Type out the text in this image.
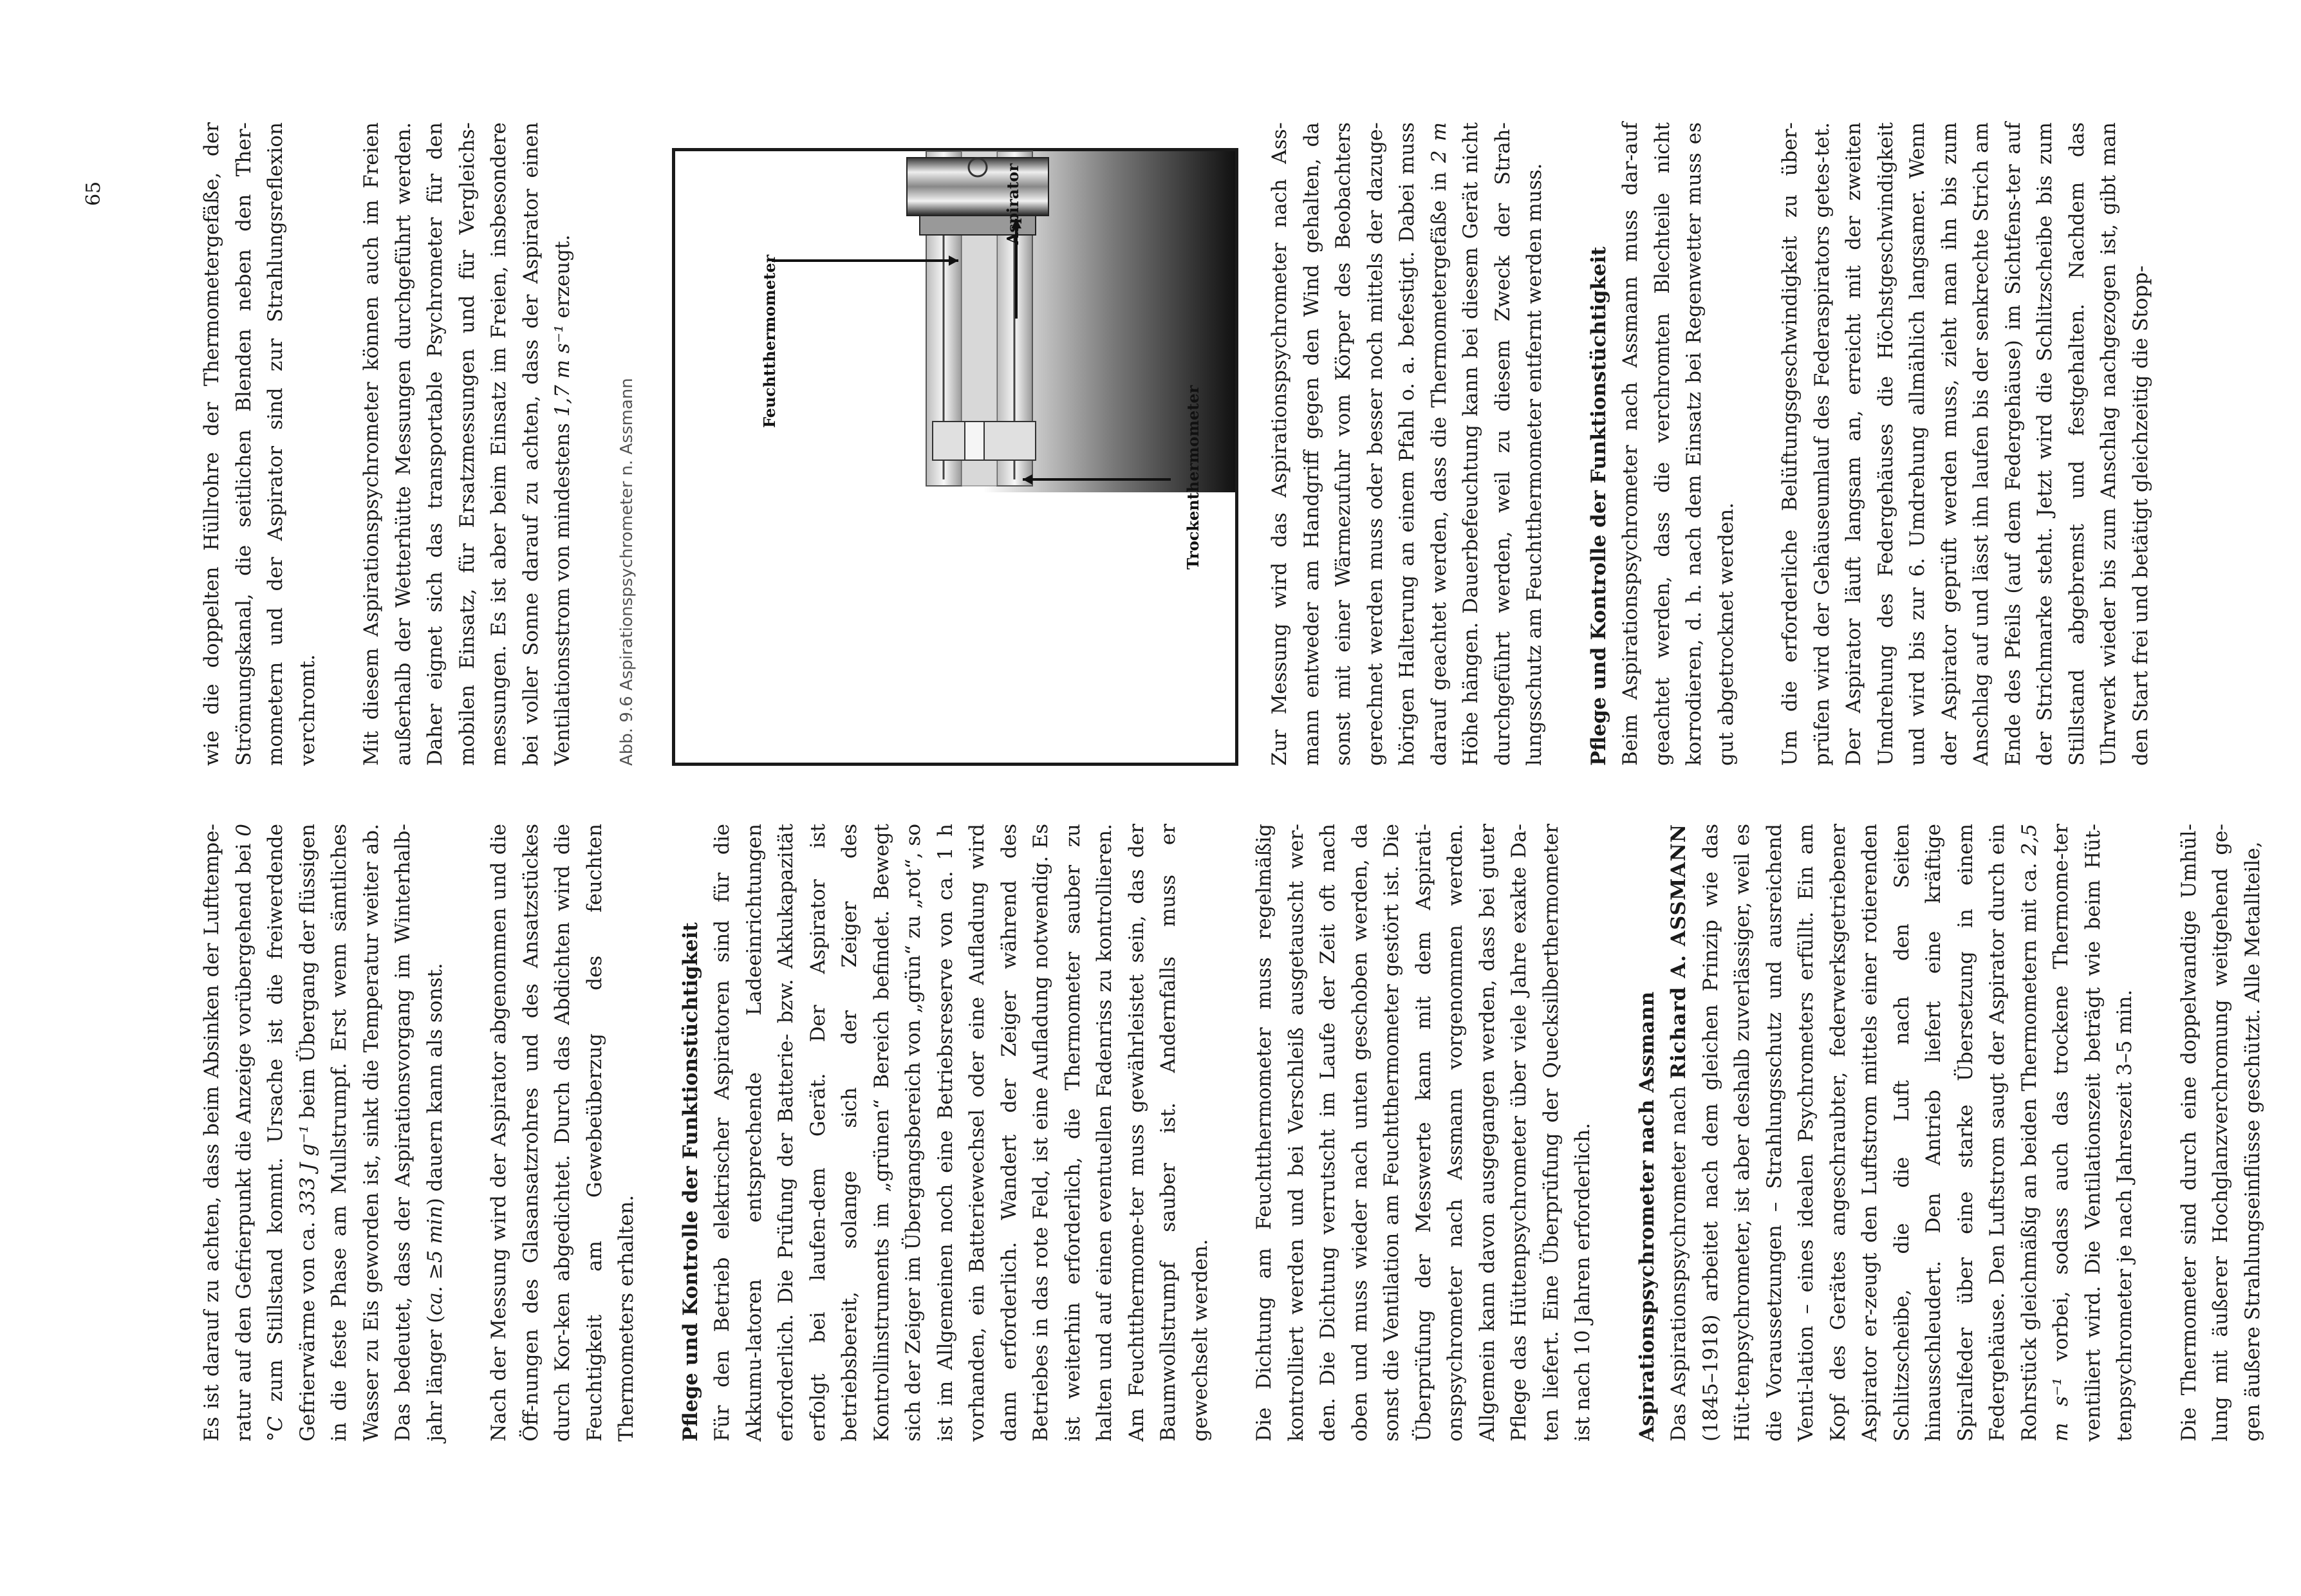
65

Es ist darauf zu achten, dass beim Absinken der Lufttempe-ratur auf den Gefrierpunkt die Anzeige vorübergehend bei 0 °C zum Stillstand kommt. Ursache ist die freiwerdende Gefrierwärme von ca. 333 J g⁻¹ beim Übergang der flüssigen in die feste Phase am Mullstrumpf. Erst wenn sämtliches Wasser zu Eis geworden ist, sinkt die Temperatur weiter ab. Das bedeutet, dass der Aspirationsvorgang im Winterhalb-jahr länger (ca. ≥5 min) dauern kann als sonst. Nach der Messung wird der Aspirator abgenommen und die Öff-nungen des Glasansatzrohres und des Ansatzstückes durch Kor-ken abgedichtet. Durch das Abdichten wird die Feuchtigkeit am Gewebeüberzug des feuchten Thermometers erhalten. Pflege und Kontrolle der Funktionstüchtigkeit Für den Betrieb elektrischer Aspiratoren sind für die Akkumu-latoren entsprechende Ladeeinrichtungen erforderlich. Die Prüfung der Batterie- bzw. Akkukapazität erfolgt bei laufen-dem Gerät. Der Aspirator ist betriebsbereit, solange sich der Zeiger des Kontrollinstruments im „grünen“ Bereich befindet. Bewegt sich der Zeiger im Übergangsbereich von „grün“ zu „rot“, so ist im Allgemeinen noch eine Betriebsreserve von ca. 1 h vorhanden, ein Batteriewechsel oder eine Aufladung wird dann erforderlich. Wandert der Zeiger während des Betriebes in das rote Feld, ist eine Aufladung notwendig. Es ist weiterhin erforderlich, die Thermometer sauber zu halten und auf einen eventuellen Fadenriss zu kontrollieren. Am Feuchtthermome-ter muss gewährleistet sein, das der Baumwollstrumpf sauber ist. Andernfalls muss er gewechselt werden. Die Dichtung am Feuchtthermometer muss regelmäßig kontrolliert werden und bei Verschleiß ausgetauscht wer-den. Die Dichtung verrutscht im Laufe der Zeit oft nach oben und muss wieder nach unten geschoben werden, da sonst die Ventilation am Feuchtthermometer gestört ist. Die Überprüfung der Messwerte kann mit dem Aspirati-onspsychrometer nach Assmann vorgenommen werden. Allgemein kann davon ausgegangen werden, dass bei guter Pflege das Hüttenpsychrometer über viele Jahre exakte Da-ten liefert. Eine Überprüfung der Quecksilberthermometer ist nach 10 Jahren erforderlich. Aspirationspsychrometer nach Assmann Das Aspirationspsychrometer nach Richard A. ASSMANN (1845–1918) arbeitet nach dem gleichen Prinzip wie das Hüt-tenpsychrometer, ist aber deshalb zuverlässiger, weil es die Voraussetzungen – Strahlungsschutz und ausreichend Venti-lation – eines idealen Psychrometers erfüllt. Ein am Kopf des Gerätes angeschraubter, federwerksgetriebener Aspirator er-zeugt den Luftstrom mittels einer rotierenden Schlitzscheibe, die die Luft nach den Seiten hinausschleudert. Den Antrieb liefert eine kräftige Spiralfeder über eine starke Übersetzung in einem Federgehäuse. Den Luftstrom saugt der Aspirator durch ein Rohrstück gleichmäßig an beiden Thermometern mit ca. 2,5 m s⁻¹ vorbei, sodass auch das trockene Thermome-ter ventiliert wird. Die Ventilationszeit beträgt wie beim Hüt-tenpsychrometer je nach Jahreszeit 3–5 min. Die Thermometer sind durch eine doppelwandige Umhül-lung mit äußerer Hochglanzverchromung weitgehend ge-gen äußere Strahlungseinflüsse geschützt. Alle Metallteile,

wie die doppelten Hüllrohre der Thermometergefäße, der Strömungskanal, die seitlichen Blenden neben den Ther-mometern und der Aspirator sind zur Strahlungsreflexion verchromt. Mit diesem Aspirationspsychrometer können auch im Freien außerhalb der Wetterhütte Messungen durchgeführt werden. Daher eignet sich das transportable Psychrometer für den mobilen Einsatz, für Ersatzmessungen und für Vergleichs-messungen. Es ist aber beim Einsatz im Freien, insbesondere bei voller Sonne darauf zu achten, dass der Aspirator einen Ventilationsstrom von mindestens 1,7 m s⁻¹ erzeugt.

Abb. 9.6 Aspirationspsychrometer n. Assmann
Feuchtthermometer
Aspirator
Trockenthermometer	Zur Messung wird das Aspirationspsychrometer nach Ass-mann entweder am Handgriff gegen den Wind gehalten, da sonst mit einer Wärmezufuhr vom Körper des Beobachters gerechnet werden muss oder besser noch mittels der dazuge-hörigen Halterung an einem Pfahl o. a. befestigt. Dabei muss darauf geachtet werden, dass die Thermometergefäße in 2 m Höhe hängen. Dauerbefeuchtung kann bei diesem Gerät nicht durchgeführt werden, weil zu diesem Zweck der Strah-lungsschutz am Feuchtthermometer entfernt werden muss. Pflege und Kontrolle der Funktionstüchtigkeit Beim Aspirationspsychrometer nach Assmann muss dar-auf geachtet werden, dass die verchromten Blechteile nicht korrodieren, d. h. nach dem Einsatz bei Regenwetter muss es gut abgetrocknet werden. Um die erforderliche Belüftungsgeschwindigkeit zu über-prüfen wird der Gehäuseumlauf des Federaspirators getes-tet. Der Aspirator läuft langsam an, erreicht mit der zweiten Umdrehung des Federgehäuses die Höchstgeschwindigkeit und wird bis zur 6. Umdrehung allmählich langsamer. Wenn der Aspirator geprüft werden muss, zieht man ihn bis zum Anschlag auf und lässt ihn laufen bis der senkrechte Strich am Ende des Pfeils (auf dem Federgehäuse) im Sichtfens-ter auf der Strichmarke steht. Jetzt wird die Schlitzscheibe bis zum Stillstand abgebremst und festgehalten. Nachdem das Uhrwerk wieder bis zum Anschlag nachgezogen ist, gibt man den Start frei und betätigt gleichzeitig die Stopp-
